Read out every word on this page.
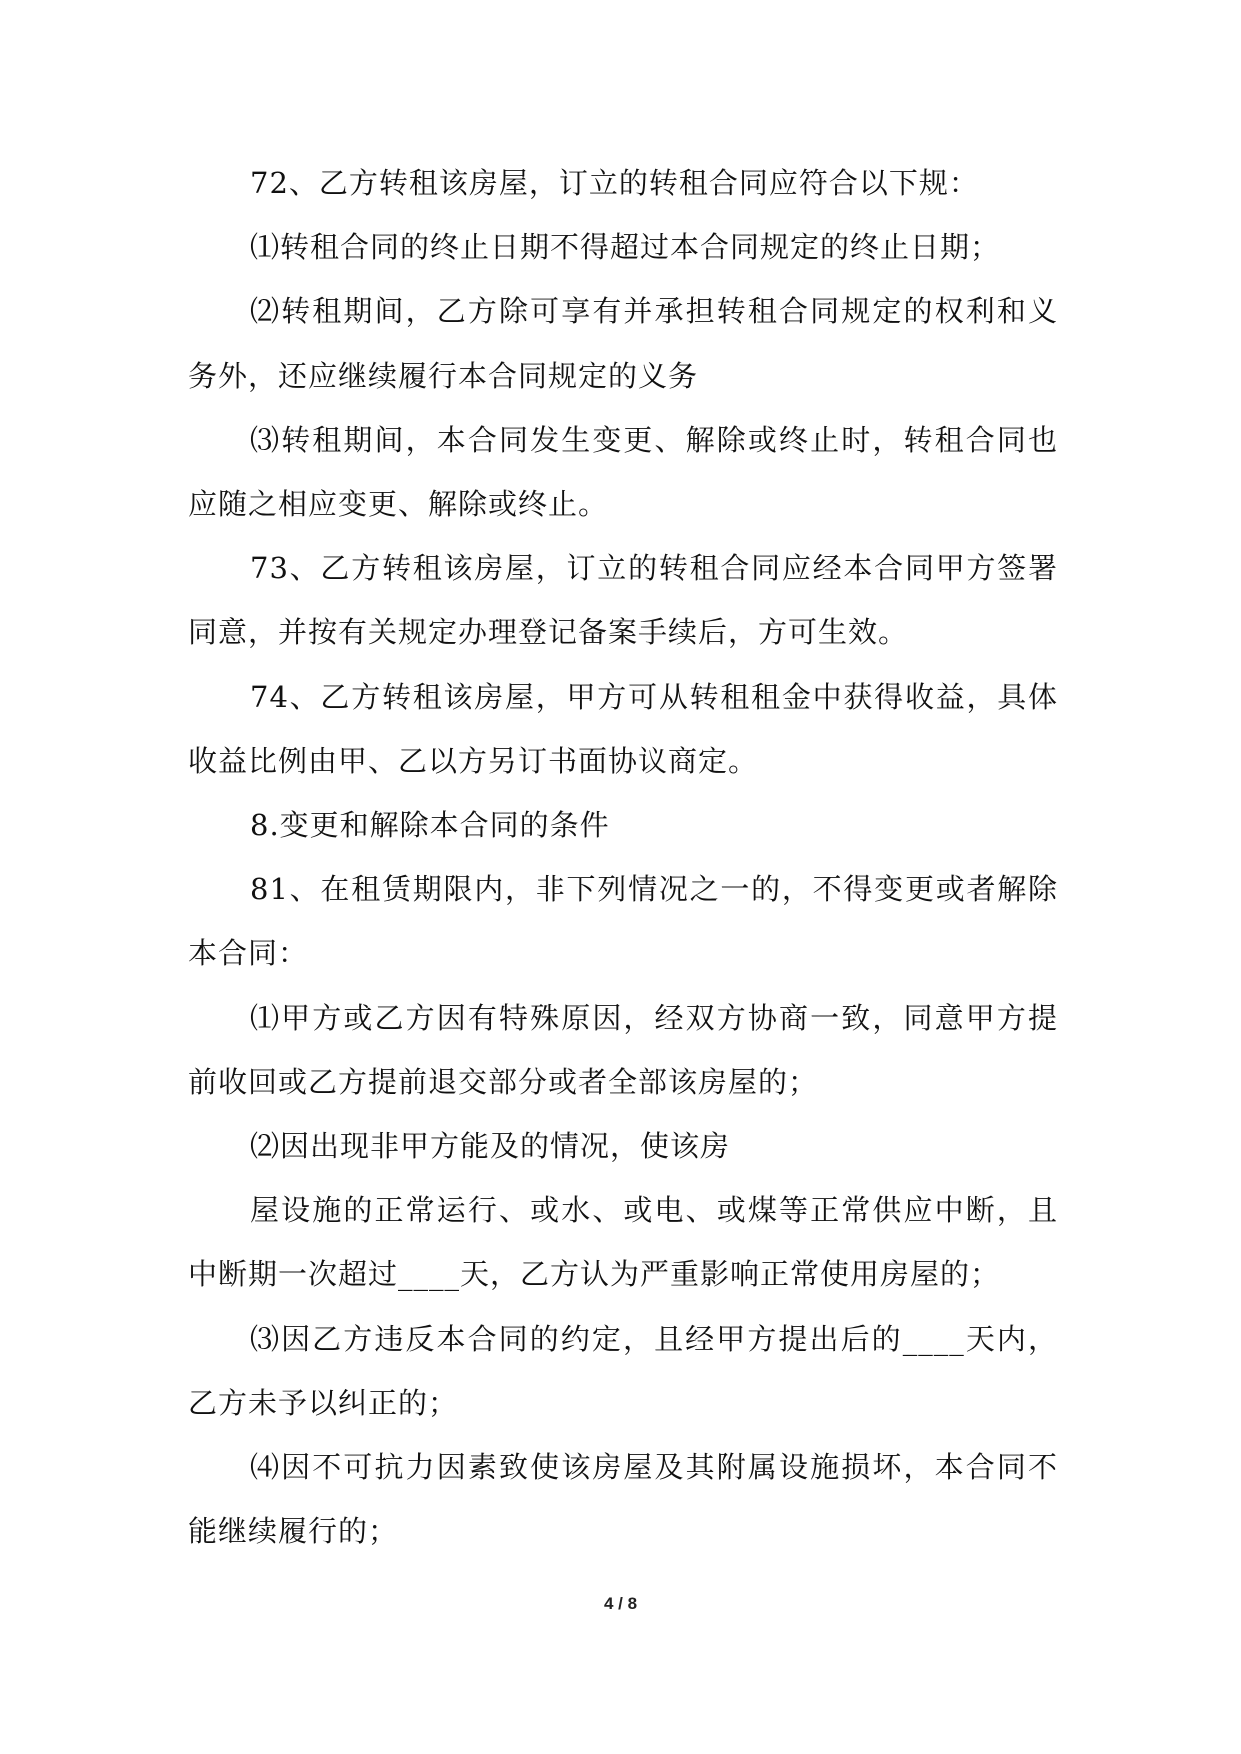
72、乙方转租该房屋，订立的转租合同应符合以下规：

⑴转租合同的终止日期不得超过本合同规定的终止日期；

⑵转租期间，乙方除可享有并承担转租合同规定的权利和义务外，还应继续履行本合同规定的义务

⑶转租期间，本合同发生变更、解除或终止时，转租合同也应随之相应变更、解除或终止。

73、乙方转租该房屋，订立的转租合同应经本合同甲方签署同意，并按有关规定办理登记备案手续后，方可生效。

74、乙方转租该房屋，甲方可从转租租金中获得收益，具体收益比例由甲、乙以方另订书面协议商定。

8.变更和解除本合同的条件

81、在租赁期限内，非下列情况之一的，不得变更或者解除本合同：

⑴甲方或乙方因有特殊原因，经双方协商一致，同意甲方提前收回或乙方提前退交部分或者全部该房屋的；

⑵因出现非甲方能及的情况，使该房

屋设施的正常运行、或水、或电、或煤等正常供应中断，且中断期一次超过____天，乙方认为严重影响正常使用房屋的；

⑶因乙方违反本合同的约定，且经甲方提出后的____天内，乙方未予以纠正的；

⑷因不可抗力因素致使该房屋及其附属设施损坏，本合同不能继续履行的；

4 / 8
